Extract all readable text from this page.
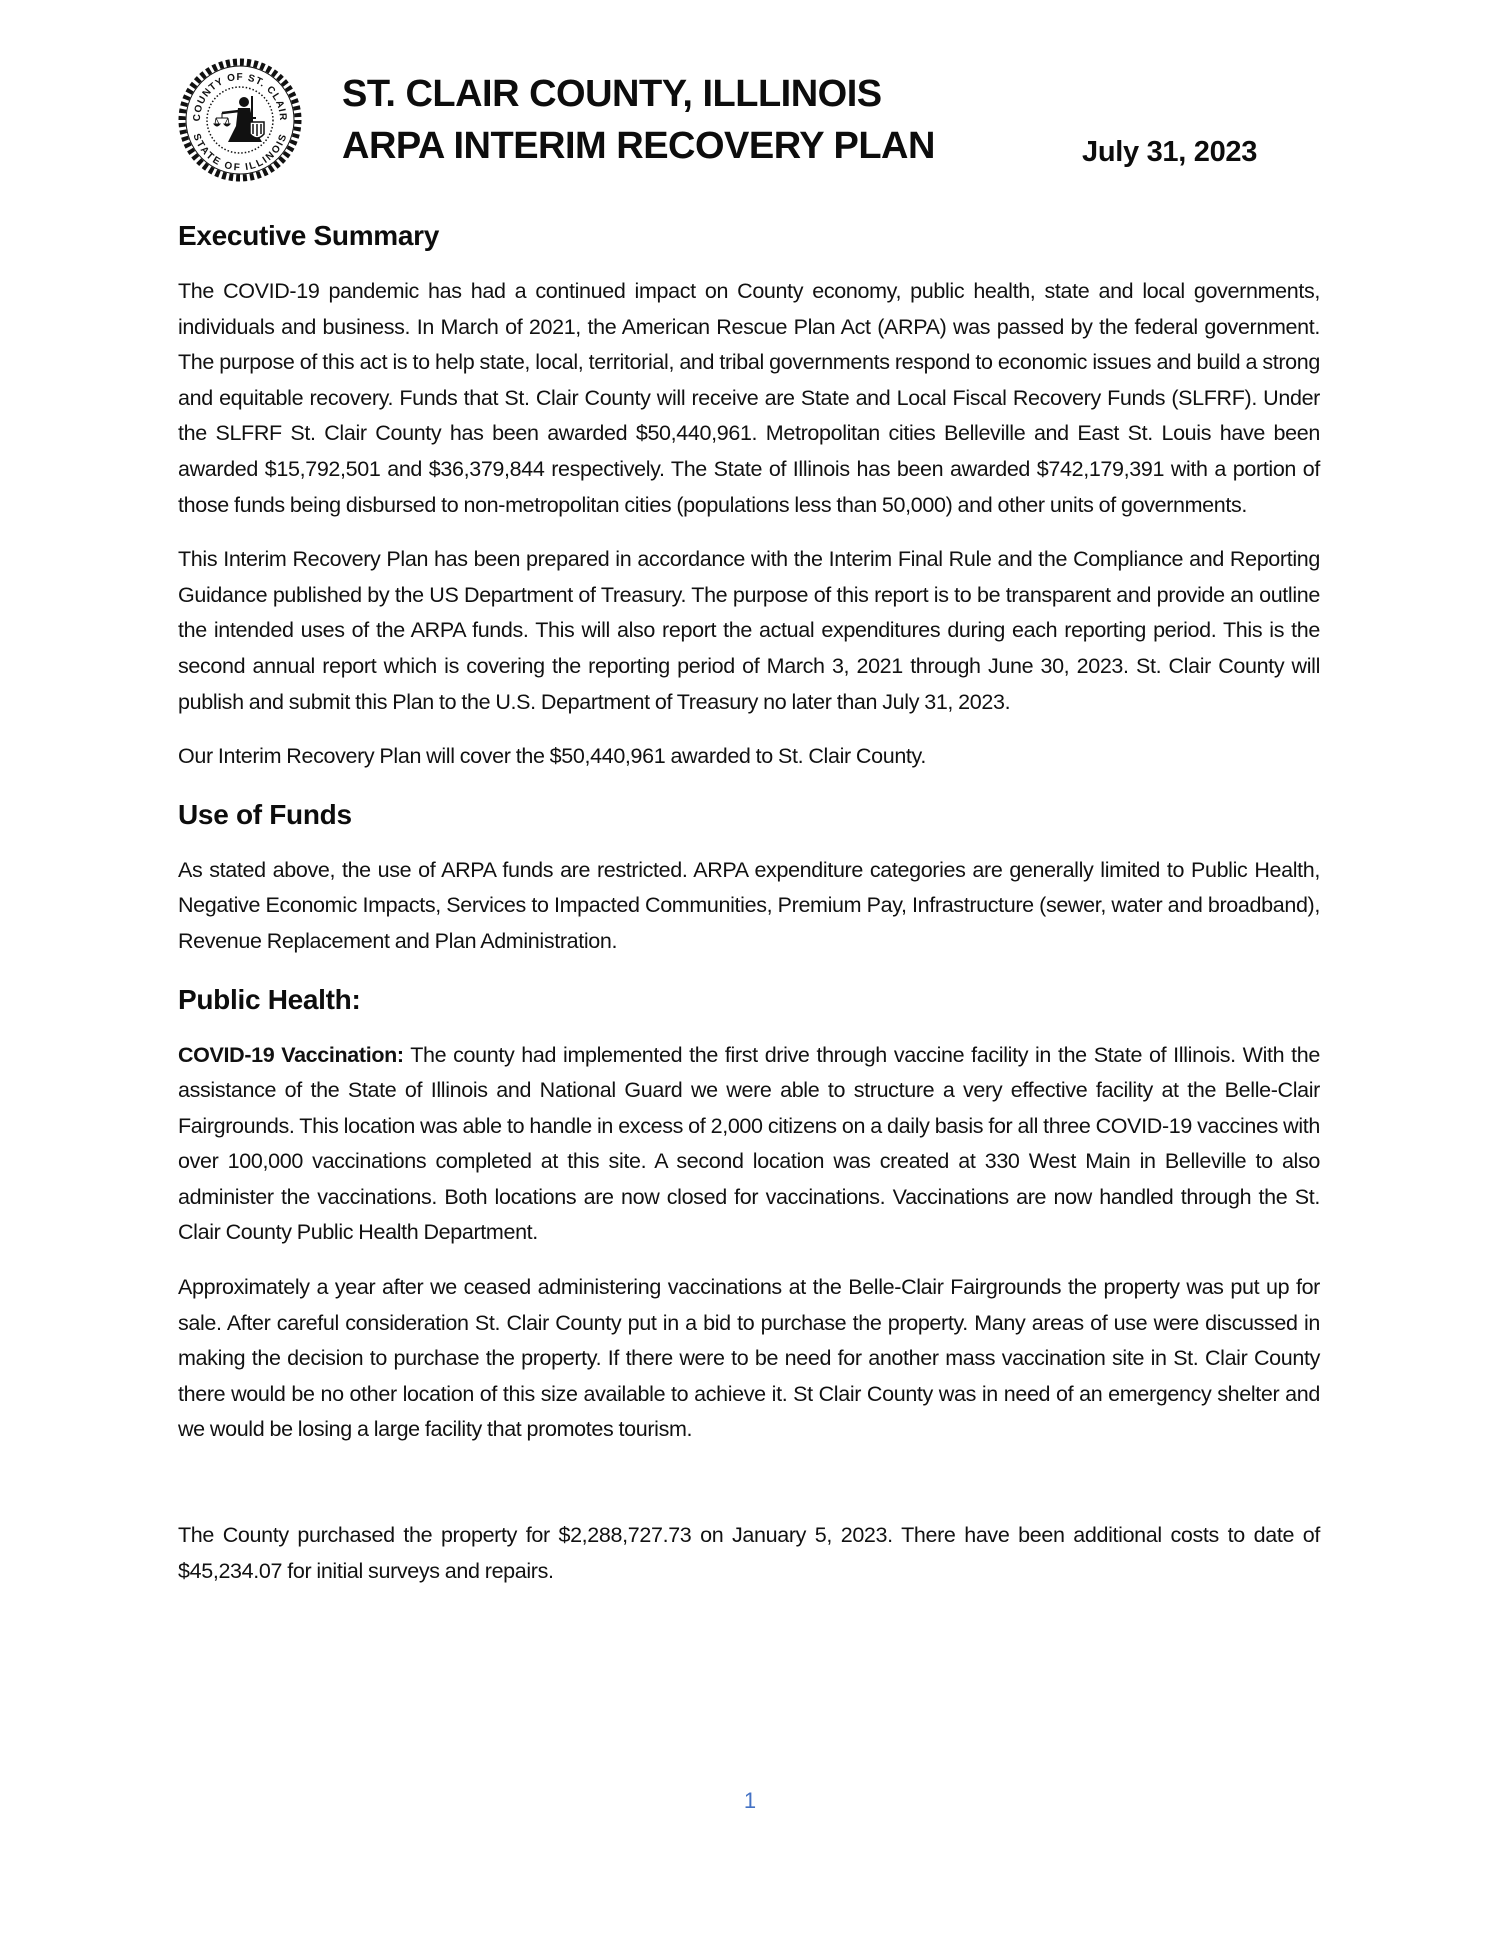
COUNTY OF ST. CLAIR
STATE OF ILLINOIS
ST. CLAIR COUNTY, ILLLINOIS
ARPA INTERIM RECOVERY PLAN	July 31, 2023
Executive Summary

The COVID-19 pandemic has had a continued impact on County economy, public health, state and local governments, individuals and business. In March of 2021, the American Rescue Plan Act (ARPA) was passed by the federal government. The purpose of this act is to help state, local, territorial, and tribal governments respond to economic issues and build a strong and equitable recovery. Funds that St. Clair County will receive are State and Local Fiscal Recovery Funds (SLFRF). Under the SLFRF St. Clair County has been awarded $50,440,961. Metropolitan cities Belleville and East St. Louis have been awarded $15,792,501 and $36,379,844 respectively. The State of Illinois has been awarded $742,179,391 with a portion of those funds being disbursed to non-metropolitan cities (populations less than 50,000) and other units of governments.

This Interim Recovery Plan has been prepared in accordance with the Interim Final Rule and the Compliance and Reporting Guidance published by the US Department of Treasury. The purpose of this report is to be transparent and provide an outline the intended uses of the ARPA funds. This will also report the actual expenditures during each reporting period. This is the second annual report which is covering the reporting period of March 3, 2021 through June 30, 2023. St. Clair County will publish and submit this Plan to the U.S. Department of Treasury no later than July 31, 2023.

Our Interim Recovery Plan will cover the $50,440,961 awarded to St. Clair County.

Use of Funds

As stated above, the use of ARPA funds are restricted. ARPA expenditure categories are generally limited to Public Health, Negative Economic Impacts, Services to Impacted Communities, Premium Pay, Infrastructure (sewer, water and broadband), Revenue Replacement and Plan Administration.

Public Health:

COVID-19 Vaccination: The county had implemented the first drive through vaccine facility in the State of Illinois. With the assistance of the State of Illinois and National Guard we were able to structure a very effective facility at the Belle-Clair Fairgrounds. This location was able to handle in excess of 2,000 citizens on a daily basis for all three COVID-19 vaccines with over 100,000 vaccinations completed at this site. A second location was created at 330 West Main in Belleville to also administer the vaccinations. Both locations are now closed for vaccinations. Vaccinations are now handled through the St. Clair County Public Health Department.

Approximately a year after we ceased administering vaccinations at the Belle-Clair Fairgrounds the property was put up for sale. After careful consideration St. Clair County put in a bid to purchase the property. Many areas of use were discussed in making the decision to purchase the property. If there were to be need for another mass vaccination site in St. Clair County there would be no other location of this size available to achieve it. St Clair County was in need of an emergency shelter and we would be losing a large facility that promotes tourism.

The County purchased the property for $2,288,727.73 on January 5, 2023. There have been additional costs to date of $45,234.07 for initial surveys and repairs.

1
